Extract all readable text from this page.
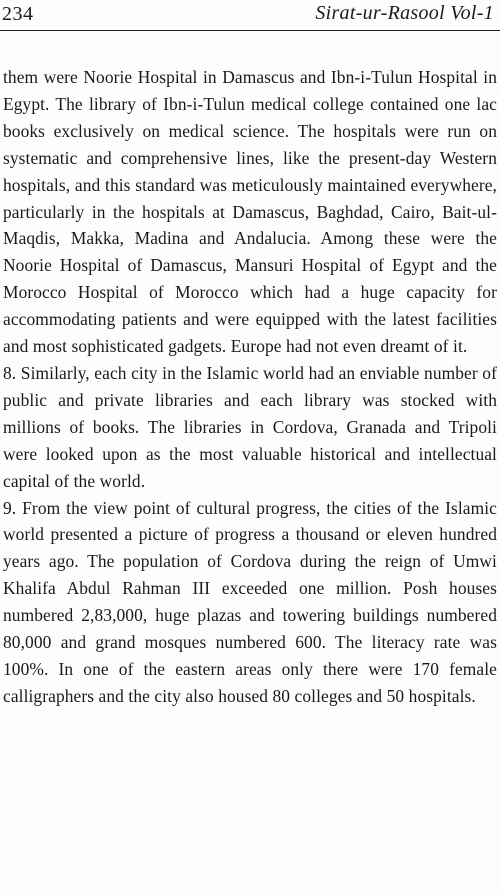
234	Sirat-ur-Rasool Vol-1

them were Noorie Hospital in Damascus and Ibn-i-Tulun Hospital in Egypt. The library of Ibn-i-Tulun medical college contained one lac books exclusively on medical science. The hospitals were run on systematic and comprehensive lines, like the present-day Western hospitals, and this standard was meticulously maintained everywhere, particularly in the hospitals at Damascus, Baghdad, Cairo, Bait-ul-Maqdis, Makka, Madina and Andalucia. Among these were the Noorie Hospital of Damascus, Mansuri Hospital of Egypt and the Morocco Hospital of Morocco which had a huge capacity for accommodating patients and were equipped with the latest facilities and most sophisticated gadgets. Europe had not even dreamt of it.

8. Similarly, each city in the Islamic world had an enviable number of public and private libraries and each library was stocked with millions of books. The libraries in Cordova, Granada and Tripoli were looked upon as the most valuable historical and intellectual capital of the world.

9. From the view point of cultural progress, the cities of the Islamic world presented a picture of progress a thousand or eleven hundred years ago. The population of Cordova during the reign of Umwi Khalifa Abdul Rahman III exceeded one million. Posh houses numbered 2,83,000, huge plazas and towering buildings numbered 80,000 and grand mosques numbered 600. The literacy rate was 100%. In one of the eastern areas only there were 170 female calligraphers and the city also housed 80 colleges and 50 hospitals.
